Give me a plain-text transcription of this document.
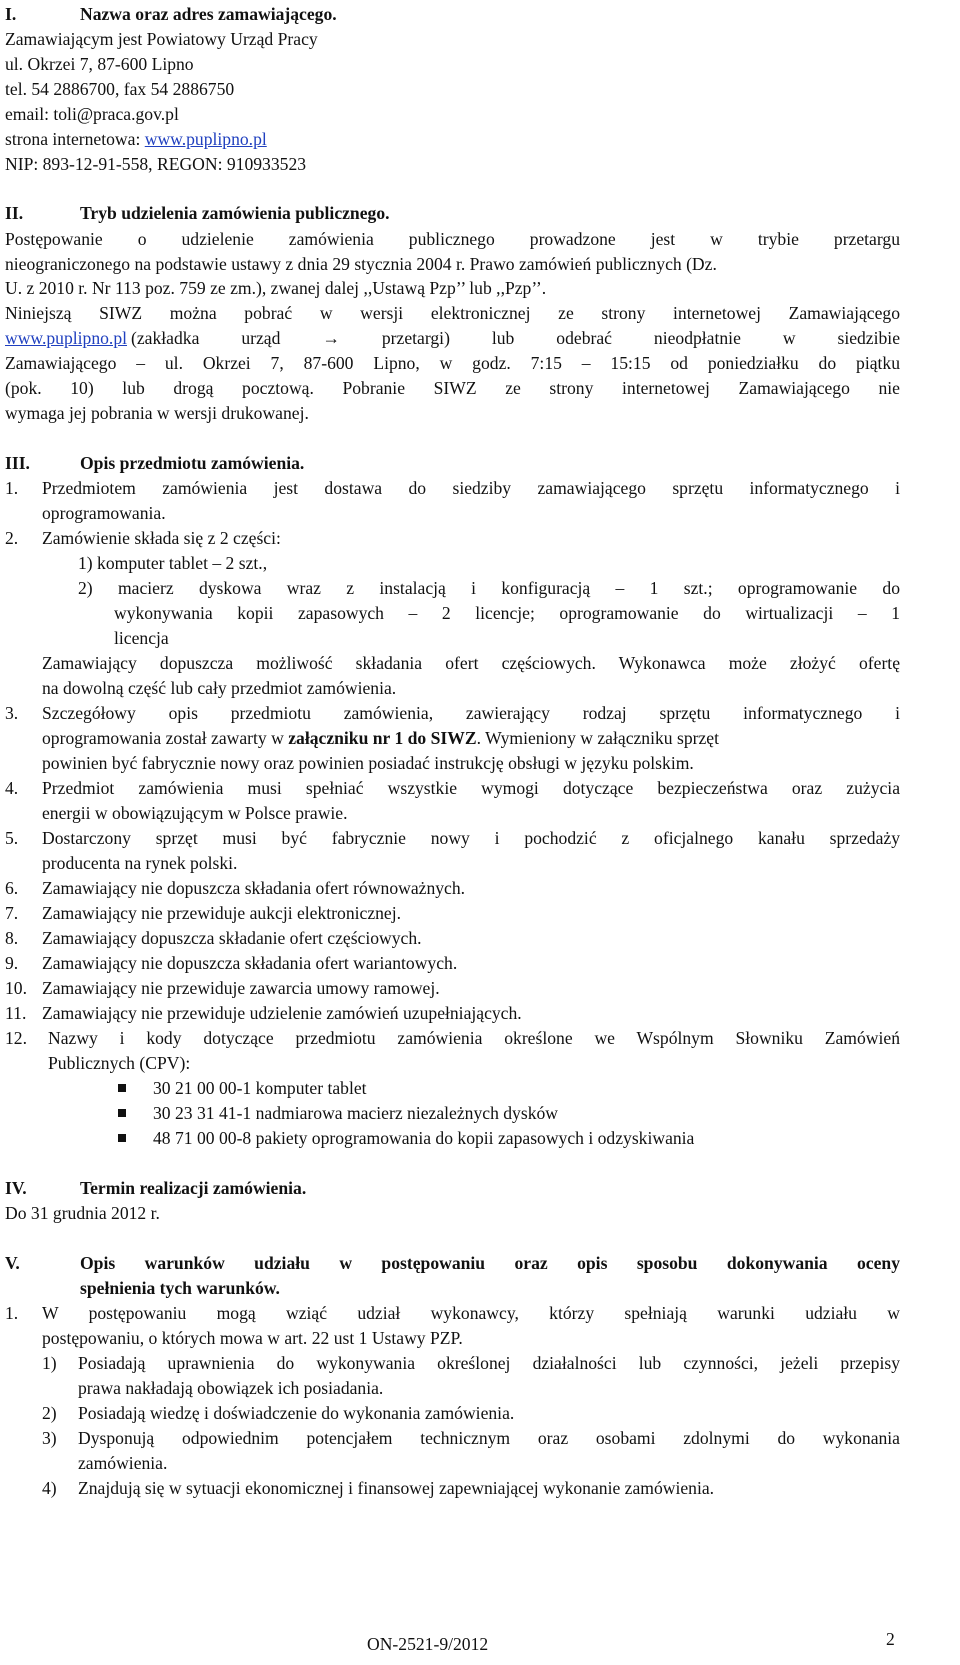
I.	Nazwa oraz adres zamawiającego.
Zamawiającym jest Powiatowy Urząd Pracy
ul. Okrzei 7, 87-600 Lipno
tel. 54 2886700, fax 54 2886750
email: toli@praca.gov.pl
strona internetowa: www.puplipno.pl
NIP: 893-12-91-558, REGON: 910933523
II.	Tryb udzielenia zamówienia publicznego.
Postępowanie o udzielenie zamówienia publicznego prowadzone jest w trybie przetargu
nieograniczonego na podstawie ustawy z dnia 29 stycznia 2004 r. Prawo zamówień publicznych (Dz.
U. z 2010 r. Nr 113 poz. 759 ze zm.), zwanej dalej ,,Ustawą Pzp’’ lub ,,Pzp’’.
Niniejszą SIWZ można pobrać w wersji elektronicznej ze strony internetowej Zamawiającego
www.puplipno.pl (zakładka urząd → przetargi) lub odebrać nieodpłatnie w siedzibie
Zamawiającego – ul. Okrzei 7, 87-600 Lipno, w godz. 7:15 – 15:15 od poniedziałku do piątku
(pok. 10) lub drogą pocztową. Pobranie SIWZ ze strony internetowej Zamawiającego nie
wymaga jej pobrania w wersji drukowanej.
III.	Opis przedmiotu zamówienia.
1. Przedmiotem zamówienia jest dostawa do siedziby zamawiającego sprzętu informatycznego i
oprogramowania.
2. Zamówienie składa się z 2 części:
1) komputer tablet – 2 szt.,
2) macierz dyskowa wraz z instalacją i konfiguracją – 1 szt.; oprogramowanie do
wykonywania kopii zapasowych – 2 licencje; oprogramowanie do wirtualizacji – 1
licencja
Zamawiający dopuszcza możliwość składania ofert częściowych. Wykonawca może złożyć ofertę
na dowolną część lub cały przedmiot zamówienia.
3. Szczegółowy opis przedmiotu zamówienia, zawierający rodzaj sprzętu informatycznego i
oprogramowania został zawarty w załączniku nr 1 do SIWZ. Wymieniony w załączniku sprzęt
powinien być fabrycznie nowy oraz powinien posiadać instrukcję obsługi w języku polskim.
4. Przedmiot zamówienia musi spełniać wszystkie wymogi dotyczące bezpieczeństwa oraz zużycia
energii w obowiązującym w Polsce prawie.
5. Dostarczony sprzęt musi być fabrycznie nowy i pochodzić z oficjalnego kanału sprzedaży
producenta na rynek polski.
6. Zamawiający nie dopuszcza składania ofert równoważnych.
7. Zamawiający nie przewiduje aukcji elektronicznej.
8. Zamawiający dopuszcza składanie ofert częściowych.
9. Zamawiający nie dopuszcza składania ofert wariantowych.
10. Zamawiający nie przewiduje zawarcia umowy ramowej.
11. Zamawiający nie przewiduje udzielenie zamówień uzupełniających.
12. Nazwy i kody dotyczące przedmiotu zamówienia określone we Wspólnym Słowniku Zamówień
Publicznych (CPV):
30 21 00 00-1 komputer tablet
30 23 31 41-1 nadmiarowa macierz niezależnych dysków
48 71 00 00-8 pakiety oprogramowania do kopii zapasowych i odzyskiwania
IV.	Termin realizacji zamówienia.
Do 31 grudnia 2012 r.
V.	Opis warunków udziału w postępowaniu oraz opis sposobu dokonywania oceny
spełnienia tych warunków.
1. W postępowaniu mogą wziąć udział wykonawcy, którzy spełniają warunki udziału w
postępowaniu, o których mowa w art. 22 ust 1 Ustawy PZP.
1) Posiadają uprawnienia do wykonywania określonej działalności lub czynności, jeżeli przepisy
prawa nakładają obowiązek ich posiadania.
2) Posiadają wiedzę i doświadczenie do wykonania zamówienia.
3) Dysponują odpowiednim potencjałem technicznym oraz osobami zdolnymi do wykonania
zamówienia.
4) Znajdują się w sytuacji ekonomicznej i finansowej zapewniającej wykonanie zamówienia.
ON-2521-9/2012	2
